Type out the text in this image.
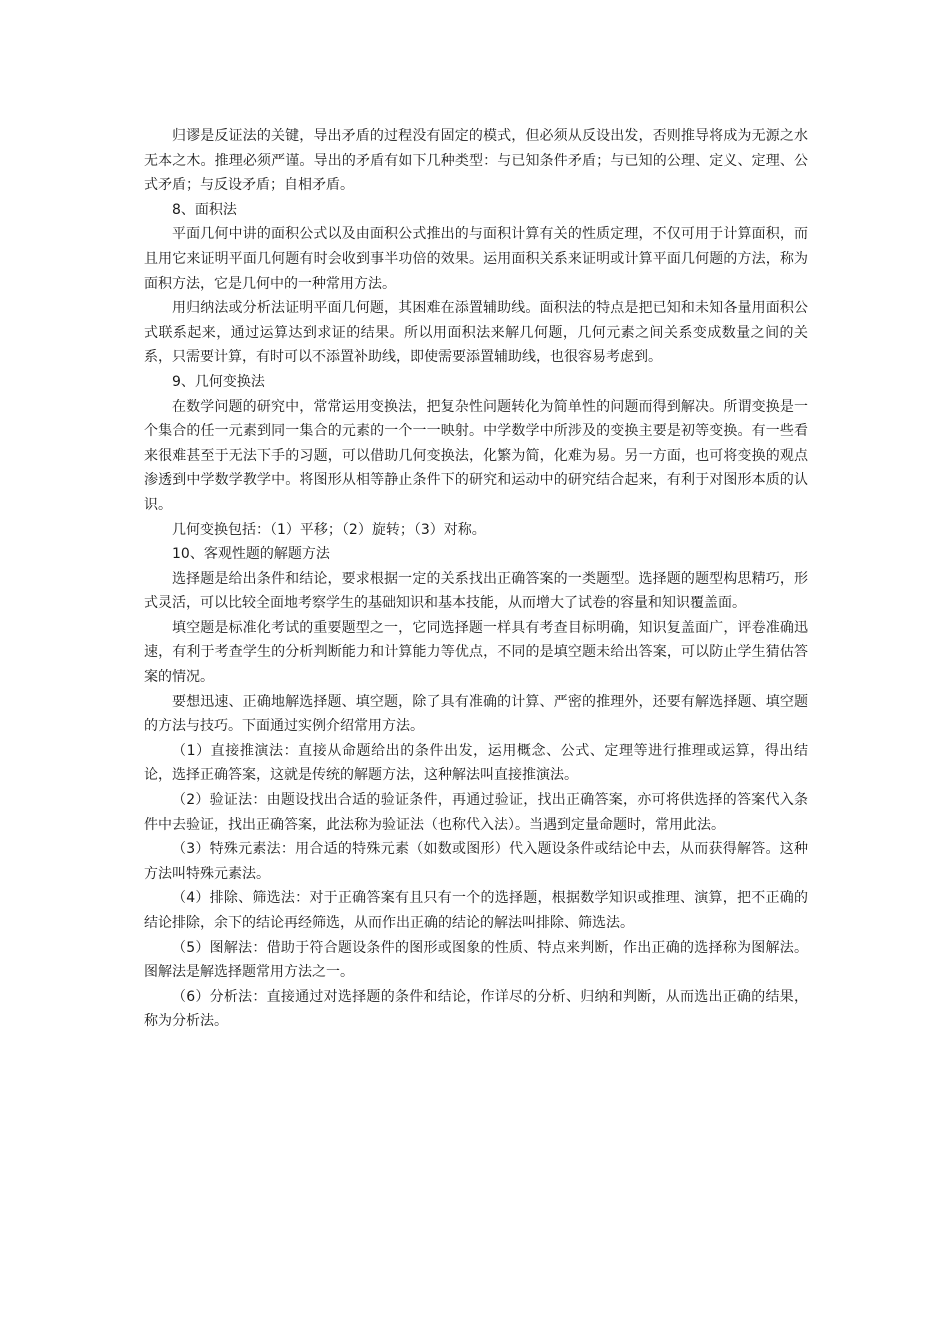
归谬是反证法的关键，导出矛盾的过程没有固定的模式，但必须从反设出发，否则推导将成为无源之水无本之木。推理必须严谨。导出的矛盾有如下几种类型：与已知条件矛盾；与已知的公理、定义、定理、公式矛盾；与反设矛盾；自相矛盾。

8、面积法

平面几何中讲的面积公式以及由面积公式推出的与面积计算有关的性质定理，不仅可用于计算面积，而且用它来证明平面几何题有时会收到事半功倍的效果。运用面积关系来证明或计算平面几何题的方法，称为面积方法，它是几何中的一种常用方法。

用归纳法或分析法证明平面几何题，其困难在添置辅助线。面积法的特点是把已知和未知各量用面积公式联系起来，通过运算达到求证的结果。所以用面积法来解几何题，几何元素之间关系变成数量之间的关系，只需要计算，有时可以不添置补助线，即使需要添置辅助线，也很容易考虑到。

9、几何变换法

在数学问题的研究中，常常运用变换法，把复杂性问题转化为简单性的问题而得到解决。所谓变换是一个集合的任一元素到同一集合的元素的一个一一映射。中学数学中所涉及的变换主要是初等变换。有一些看来很难甚至于无法下手的习题，可以借助几何变换法，化繁为简，化难为易。另一方面，也可将变换的观点渗透到中学数学教学中。将图形从相等静止条件下的研究和运动中的研究结合起来，有利于对图形本质的认识。

几何变换包括：（1）平移；（2）旋转；（3）对称。

10、客观性题的解题方法

选择题是给出条件和结论，要求根据一定的关系找出正确答案的一类题型。选择题的题型构思精巧，形式灵活，可以比较全面地考察学生的基础知识和基本技能，从而增大了试卷的容量和知识覆盖面。

填空题是标准化考试的重要题型之一，它同选择题一样具有考查目标明确，知识复盖面广，评卷准确迅速，有利于考查学生的分析判断能力和计算能力等优点，不同的是填空题未给出答案，可以防止学生猜估答案的情况。

要想迅速、正确地解选择题、填空题，除了具有准确的计算、严密的推理外，还要有解选择题、填空题的方法与技巧。下面通过实例介绍常用方法。

（1）直接推演法：直接从命题给出的条件出发，运用概念、公式、定理等进行推理或运算，得出结论，选择正确答案，这就是传统的解题方法，这种解法叫直接推演法。

（2）验证法：由题设找出合适的验证条件，再通过验证，找出正确答案，亦可将供选择的答案代入条件中去验证，找出正确答案，此法称为验证法（也称代入法）。当遇到定量命题时，常用此法。

（3）特殊元素法：用合适的特殊元素（如数或图形）代入题设条件或结论中去，从而获得解答。这种方法叫特殊元素法。

（4）排除、筛选法：对于正确答案有且只有一个的选择题，根据数学知识或推理、演算，把不正确的结论排除，余下的结论再经筛选，从而作出正确的结论的解法叫排除、筛选法。

（5）图解法：借助于符合题设条件的图形或图象的性质、特点来判断，作出正确的选择称为图解法。图解法是解选择题常用方法之一。

（6）分析法：直接通过对选择题的条件和结论，作详尽的分析、归纳和判断，从而选出正确的结果，称为分析法。
